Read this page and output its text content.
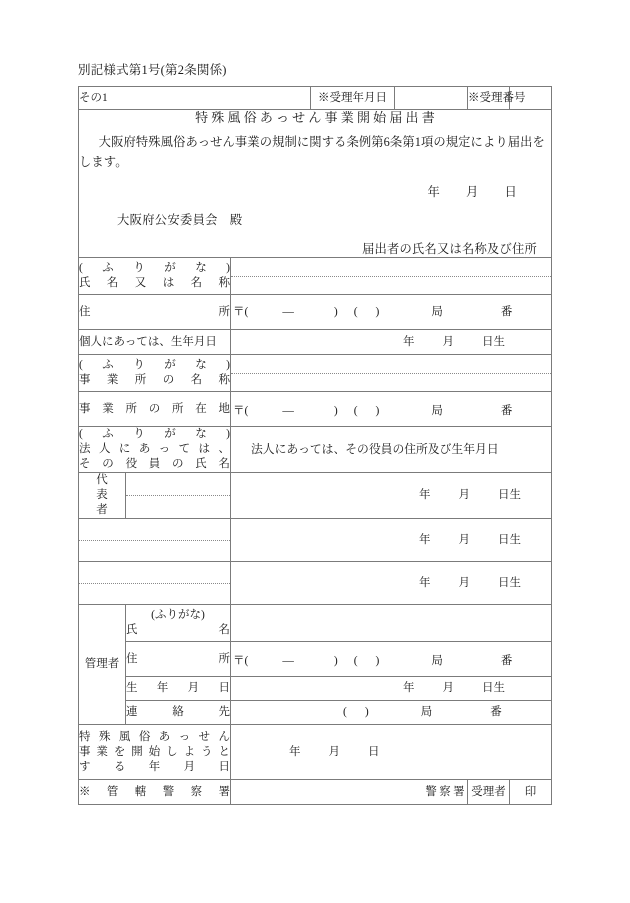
別記様式第1号(第2条関係)
その1			※受理年月日		※受理番号	

特殊風俗あっせん事業開始届出書
大阪府特殊風俗あっせん事業の規制に関する条例第6条第1項の規定により届出をします。
年 月 日
大阪府公安委員会 殿
届出者の氏名又は名称及び住所						

(ふりがな)
氏名又は名称						

住所		〒( — ) ( ) 局 番				

個人にあっては、生年月日		年 月 日生				

(ふりがな)
事業所の名称						

事業所の所在地		〒( — ) ( ) 局 番				

(ふりがな)
法人にあっては、
その役員の氏名		法人にあっては、その役員の住所及び生年月日				

代
表
者		年 月 日生				

		年 月 日生				

		年 月 日生				

管理者	(ふりがな)
氏名					

	住所	〒( — ) ( ) 局 番				

	生年月日	年 月 日生				

	連絡先	( ) 局 番				

特殊風俗あっせん
事業を開始しようと
する年月日		年 月 日				

※管轄警察署		警察署			受理者	印
